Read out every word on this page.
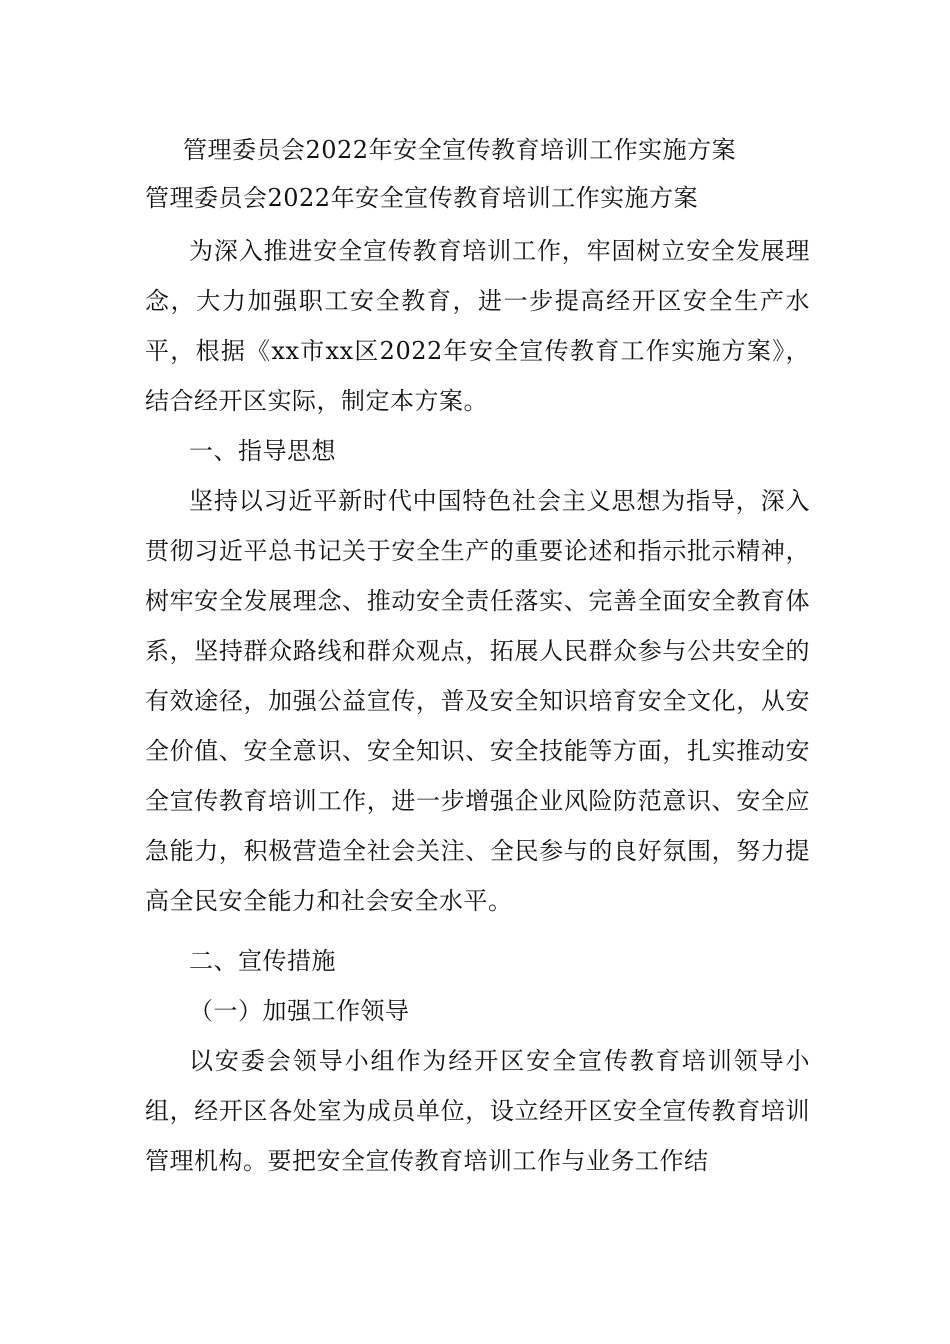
管理委员会2022年安全宣传教育培训工作实施方案
管理委员会2022年安全宣传教育培训工作实施方案

为深入推进安全宣传教育培训工作，牢固树立安全发展理念，大力加强职工安全教育，进一步提高经开区安全生产水平，根据《xx市xx区2022年安全宣传教育工作实施方案》，结合经开区实际，制定本方案。

一、指导思想

坚持以习近平新时代中国特色社会主义思想为指导，深入贯彻习近平总书记关于安全生产的重要论述和指示批示精神，树牢安全发展理念、推动安全责任落实、完善全面安全教育体系，坚持群众路线和群众观点，拓展人民群众参与公共安全的有效途径，加强公益宣传，普及安全知识培育安全文化，从安全价值、安全意识、安全知识、安全技能等方面，扎实推动安全宣传教育培训工作，进一步增强企业风险防范意识、安全应急能力，积极营造全社会关注、全民参与的良好氛围，努力提高全民安全能力和社会安全水平。

二、宣传措施

（一）加强工作领导

以安委会领导小组作为经开区安全宣传教育培训领导小组，经开区各处室为成员单位，设立经开区安全宣传教育培训管理机构。要把安全宣传教育培训工作与业务工作结
